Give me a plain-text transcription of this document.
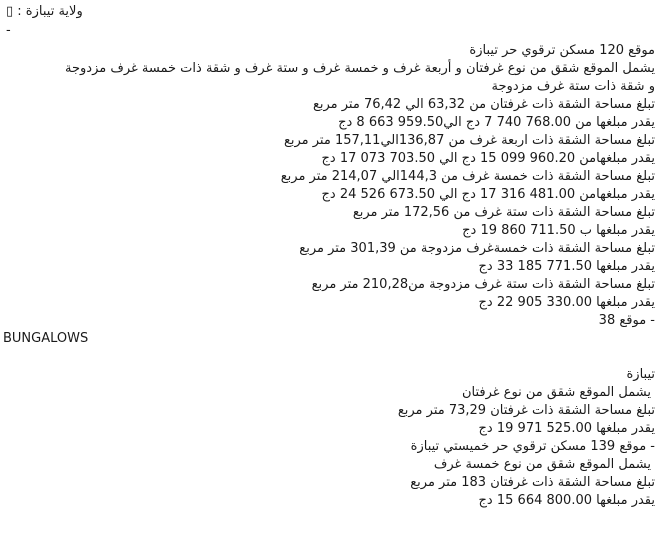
ولاية تيبازة : ▯
-
موقع 120 مسكن ترقوي حر تيبازة
يشمل الموقع شقق من نوع غرفتان و أربعة غرف و خمسة غرف و ستة غرف و شقة ذات خمسة غرف مزدوجة
و شقة ذات ستة غرف مزدوجة
تبلغ مساحة الشقة ذات غرفتان من 63,32 الي 76,42 متر مربع
يقدر مبلغها من 768.00 740 7 دج الي959.50 663 8 دج
تبلغ مساحة الشقة ذات اربعة غرف من 136,87الي157,11 متر مربع
يقدر مبلغهامن 960.20 099 15 دج الي 703.50 073 17 دج
تبلغ مساحة الشقة ذات خمسة غرف من 144,3الي 214,07 متر مربع
يقدر مبلغهامن 481.00 316 17 دج الي 673.50 526 24 دج
تبلغ مساحة الشقة ذات ستة غرف من 172,56 متر مربع
يقدر مبلغها ب 711.50 860 19 دج
تبلغ مساحة الشقة ذات خمسةغرف مزدوجة من 301,39 متر مربع
يقدر مبلغها 771.50 185 33 دج
تبلغ مساحة الشقة ذات ستة غرف مزدوجة من210,28 متر مربع
يقدر مبلغها 330.00 905 22 دج
- موقع 38
BUNGALOWS
تيبازة
يشمل الموقع شقق من نوع غرفتان
تبلغ مساحة الشقة ذات غرفتان 73,29 متر مربع
يقدر مبلغها 525.00 971 19 دج
- موقع 139 مسكن ترقوي حر خميستي تيبازة
يشمل الموقع شقق من نوع خمسة غرف
تبلغ مساحة الشقة ذات غرفتان 183 متر مربع
يقدر مبلغها 800.00 664 15 دج
